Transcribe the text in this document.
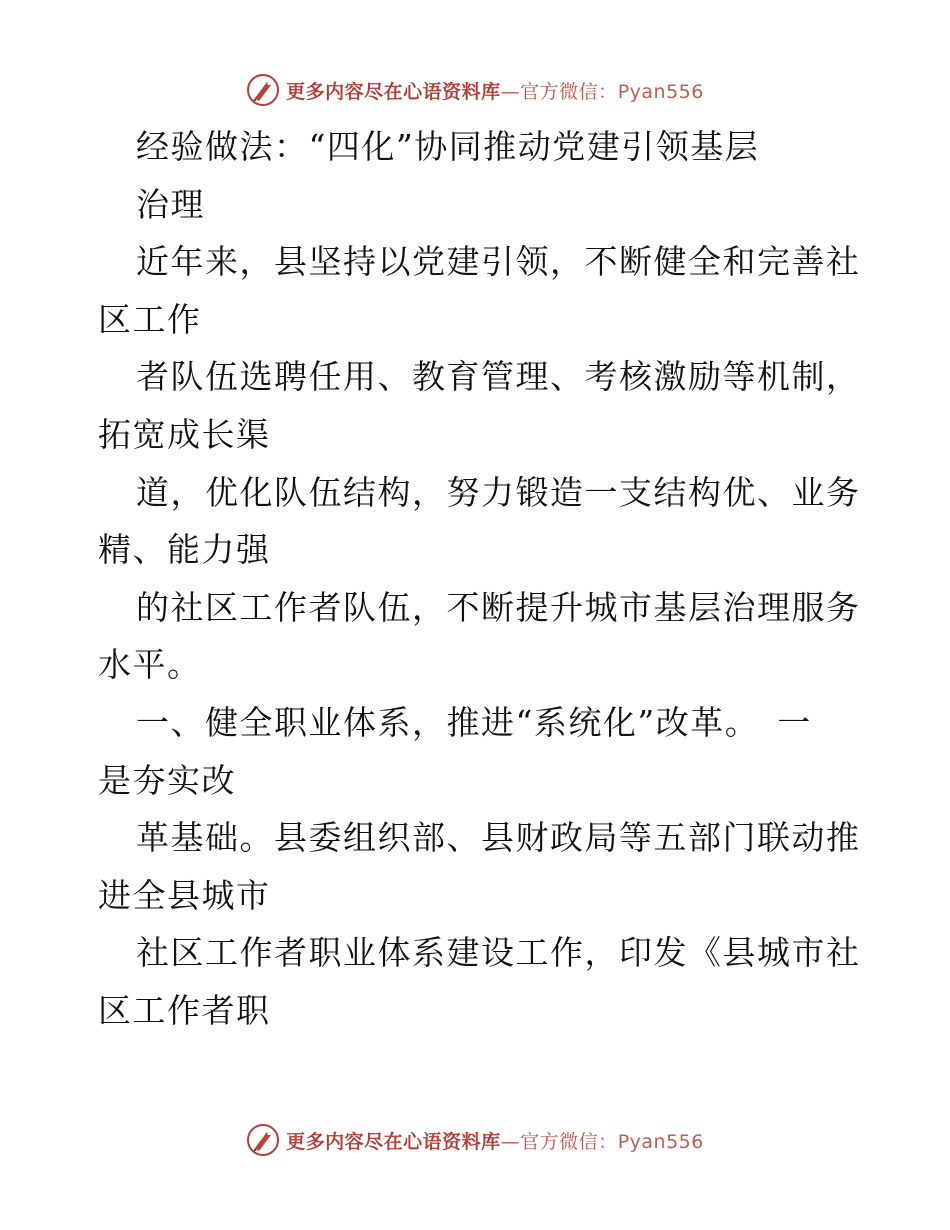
更多内容尽在心语资料库—官方微信：Pyan556
经验做法：“四化”协同推动党建引领基层
治理
近年来，县坚持以党建引领，不断健全和完善社
区工作
者队伍选聘任用、教育管理、考核激励等机制，
拓宽成长渠
道，优化队伍结构，努力锻造一支结构优、业务
精、能力强
的社区工作者队伍，不断提升城市基层治理服务
水平。
一、健全职业体系，推进“系统化”改革。　一
是夯实改
革基础。县委组织部、县财政局等五部门联动推
进全县城市
社区工作者职业体系建设工作，印发《县城市社
区工作者职
更多内容尽在心语资料库—官方微信：Pyan556
